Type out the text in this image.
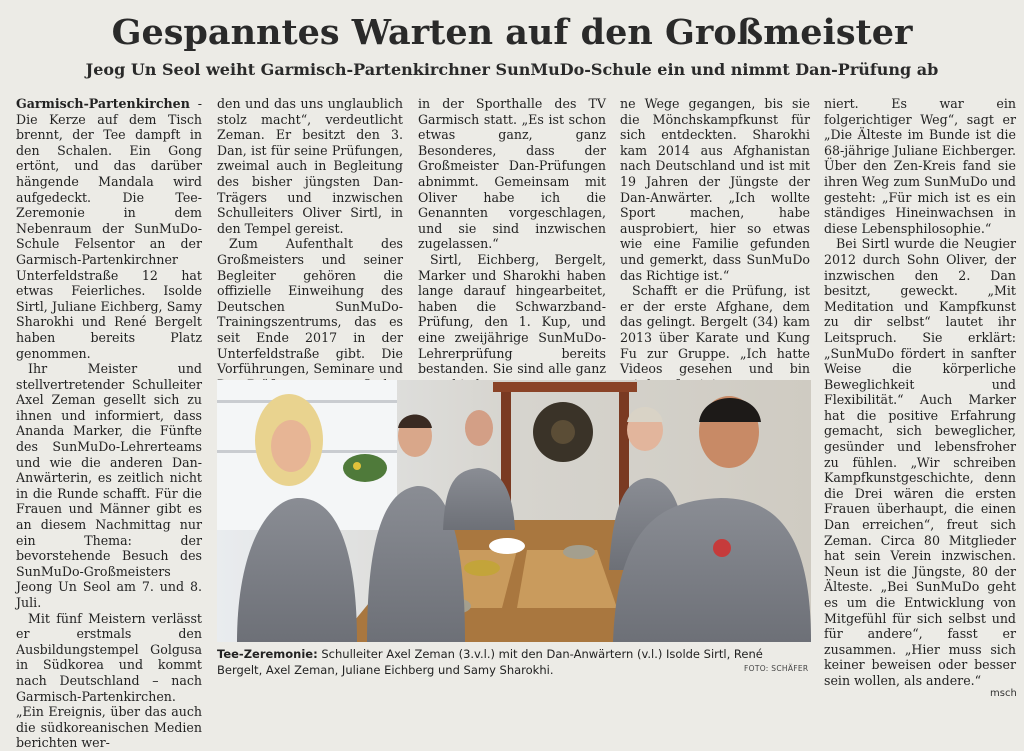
Gespanntes Warten auf den Großmeister
Jeog Un Seol weiht Garmisch-Partenkirchner SunMuDo-Schule ein und nimmt Dan-Prüfung ab

Garmisch-Partenkirchen - Die Kerze auf dem Tisch brennt, der Tee dampft in den Schalen. Ein Gong ertönt, und das darüber hängende Mandala wird aufgedeckt. Die Tee-Zeremonie in dem Nebenraum der SunMuDo-Schule Felsentor an der Garmisch-Partenkirchner Unterfeldstraße 12 hat etwas Feierliches. Isolde Sirtl, Juliane Eichberg, Samy Sharokhi und René Bergelt haben bereits Platz genommen.

Ihr Meister und stellvertretender Schulleiter Axel Zeman gesellt sich zu ihnen und informiert, dass Ananda Marker, die Fünfte des SunMuDo-Lehrerteams und wie die anderen Dan-Anwärterin, es zeitlich nicht in die Runde schafft. Für die Frauen und Männer gibt es an diesem Nachmittag nur ein Thema: der bevorstehende Besuch des SunMuDo-Großmeisters Jeong Un Seol am 7. und 8. Juli.

Mit fünf Meistern verlässt er erstmals den Ausbildungstempel Golgusa in Südkorea und kommt nach Deutschland – nach Garmisch-Partenkirchen. „Ein Ereignis, über das auch die südkoreanischen Medien berichten wer-

den und das uns unglaublich stolz macht“, verdeutlicht Zeman. Er besitzt den 3. Dan, ist für seine Prüfungen, zweimal auch in Begleitung des bisher jüngsten Dan-Trägers und inzwischen Schulleiters Oliver Sirtl, in den Tempel gereist.

Zum Aufenthalt des Großmeisters und seiner Begleiter gehören die offizielle Einweihung des Deutschen SunMuDo-Trainingszentrums, das es seit Ende 2017 in der Unterfeldstraße gibt. Die Vorführungen, Seminare und

in der Sporthalle des TV Garmisch statt. „Es ist schon etwas ganz, ganz Besonderes, dass der Großmeister Dan-Prüfungen abnimmt. Gemeinsam mit Oliver habe ich die Genannten vorgeschlagen, und sie sind inzwischen zugelassen.“

Sirtl, Eichberg, Bergelt, Marker und Sharokhi haben lange darauf hingearbeitet, haben die Schwarzband-Prüfung, den 1. Kup, und eine zweijährige SunMuDo-Lehrerprüfung bereits bestanden. Sie sind alle ganz

ne Wege gegangen, bis sie die Mönchskampfkunst für sich entdeckten. Sharokhi kam 2014 aus Afghanistan nach Deutschland und ist mit 19 Jahren der Jüngste der Dan-Anwärter. „Ich wollte Sport machen, habe ausprobiert, hier so etwas wie eine Familie gefunden und gemerkt, dass SunMuDo das Richtige ist.“

Schafft er die Prüfung, ist er der erste Afghane, dem das gelingt. Bergelt (34) kam 2013 über Karate und Kung Fu zur Gruppe. „Ich hatte Videos gesehen und bin

niert. Es war ein folgerichtiger Weg“, sagt er „Die Älteste im Bunde ist die 68-jährige Juliane Eichberger. Über den Zen-Kreis fand sie ihren Weg zum SunMuDo und gesteht: „Für mich ist es ein ständiges Hineinwachsen in diese Lebensphilosophie.“

Bei Sirtl wurde die Neugier 2012 durch Sohn Oliver, der inzwischen den 2. Dan besitzt, geweckt. „Mit Meditation und Kampfkunst zu dir selbst“ lautet ihr Leitspruch. Sie erklärt: „SunMuDo fördert in sanfter Weise die körperliche Beweglichkeit und Flexibilität.“ Auch Marker hat die positive Erfahrung gemacht, sich beweglicher, gesünder und lebensfroher zu fühlen. „Wir schreiben Kampfkunstgeschichte, denn die Drei wären die ersten Frauen überhaupt, die einen Dan erreichen“, freut sich Zeman. Circa 80 Mitglieder hat sein Verein inzwischen. Neun ist die Jüngste, 80 der Älteste. „Bei SunMuDo geht es um die Entwicklung von Mitgefühl für sich selbst und für andere“, fasst er zusammen. „Hier muss sich keiner beweisen oder besser sein wollen, als andere.“

Tee-Zeremonie: Schulleiter Axel Zeman (3.v.l.) mit den Dan-Anwärtern (v.l.) Isolde Sirtl, René Bergelt, Axel Zeman, Juliane Eichberg und Samy Sharokhi.	FOTO: SCHÄFER
msch
